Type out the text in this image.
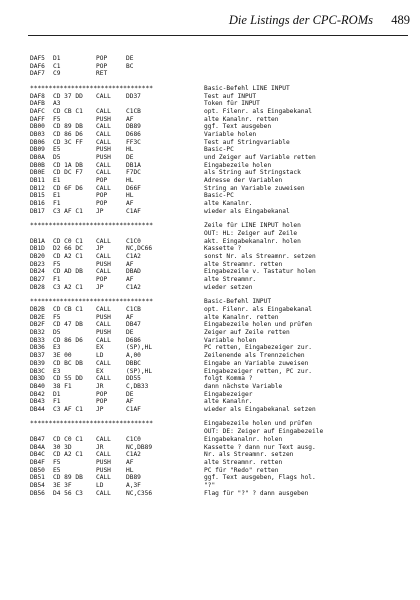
Die Listings der CPC-ROMs 489
DAF5 D1	POP	DE
DAF6 C1	POP	BC
DAF7 C9	RET
*********************************	Basic-Befehl LINE INPUT
DAF8 CD 37 DD CALL DD37	Test auf INPUT
DAFB A3	Token für INPUT
DAFC CD CB C1 CALL C1CB	opt. Filenr. als Eingabekanal
DAFF F5	PUSH AF	alte Kanalnr. retten
DB00 CD 89 DB CALL DB89	ggf. Text ausgeben
DB03 CD 86 D6 CALL D686	Variable holen
DB06 CD 3C FF CALL FF3C	Test auf Stringvariable
DB09 E5	PUSH HL	Basic-PC
DB0A D5	PUSH DE	und Zeiger auf Variable retten
DB0B CD 1A DB CALL DB1A	Eingabezeile holen
DB0E CD DC F7 CALL F7DC	als String auf Stringstack
DB11 E1	POP	HL	Adresse der Variablen
DB12 CD 6F D6 CALL D66F	String an Variable zuweisen
DB15 E1	POP	HL	Basic-PC
DB16 F1	POP	AF	alte Kanalnr.
DB17 C3 AF C1 JP	C1AF	wieder als Eingabekanal
*********************************	Zeile für LINE INPUT holen
OUT: HL: Zeiger auf Zeile
DB1A CD C0 C1 CALL C1C0	akt. Eingabekanalnr. holen
DB1D D2 66 DC JP	NC,DC66	Kassette ?
DB20 CD A2 C1 CALL C1A2	sonst Nr. als Streamnr. setzen
DB23 F5	PUSH AF	alte Streamnr. retten
DB24 CD AD DB CALL DBAD	Eingabezeile v. Tastatur holen
DB27 F1	POP	AF	alte Streamnr.
DB28 C3 A2 C1 JP	C1A2	wieder setzen
*********************************	Basic-Befehl INPUT
DB2B CD CB C1 CALL C1CB	opt. Filenr. als Eingabekanal
DB2E F5	PUSH AF	alte Kanalnr. retten
DB2F CD 47 DB CALL DB47	Eingabezeile holen und prüfen
DB32 D5	PUSH DE	Zeiger auf Zeile retten
DB33 CD 86 D6 CALL D686	Variable holen
DB36 E3	EX	(SP),HL	PC retten, Eingabezeiger zur.
DB37 3E 00	LD	A,00	Zeilenende als Trennzeichen
DB39 CD BC DB CALL DBBC	Eingabe an Variable zuweisen
DB3C E3	EX	(SP),HL	Eingabezeiger retten, PC zur.
DB3D CD 55 DD CALL DD55	folgt Komma ?
DB40 38 F1	JR	C,DB33	dann nächste Variable
DB42 D1	POP	DE	Eingabezeiger
DB43 F1	POP	AF	alte Kanalnr.
DB44 C3 AF C1 JP	C1AF	wieder als Eingabekanal setzen
*********************************	Eingabezeile holen und prüfen
OUT: DE: Zeiger auf Eingabezeile
DB47 CD C0 C1 CALL C1C0	Eingabekanalnr. holen
DB4A 30 3D	JR	NC,DB89	Kassette ? dann nur Text ausg.
DB4C CD A2 C1 CALL C1A2	Nr. als Streamnr. setzen
DB4F F5	PUSH AF	alte Streamnr. retten
DB50 E5	PUSH HL	PC für "Redo" retten
DB51 CD 89 DB CALL DB89	ggf. Text ausgeben, Flags hol.
DB54 3E 3F	LD	A,3F	"?"
DB56 D4 56 C3 CALL NC,C356	Flag für "?" ? dann ausgeben
